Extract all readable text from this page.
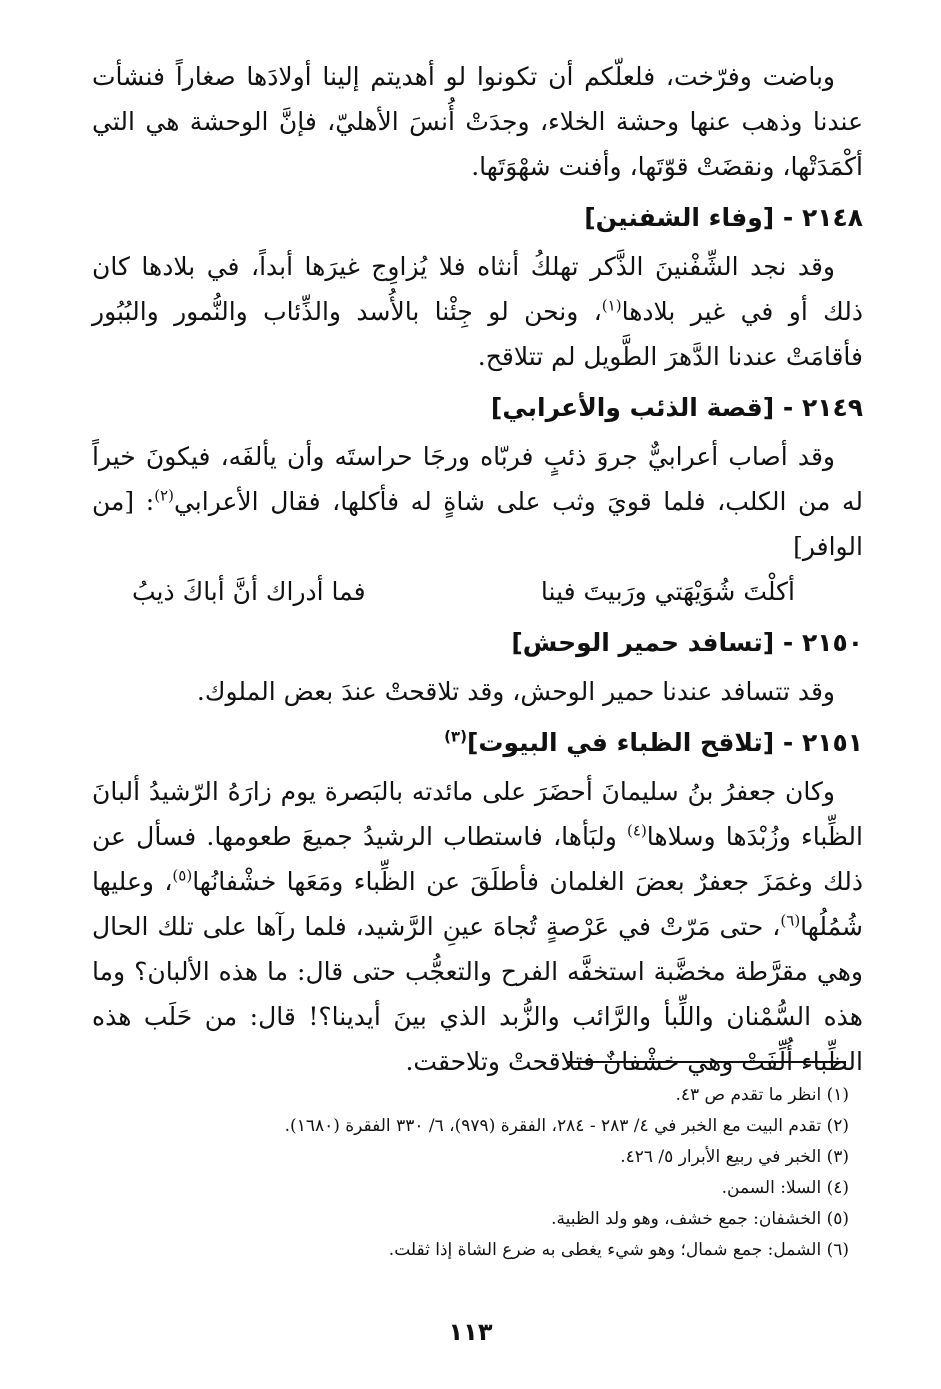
وباضت وفرّخت، فلعلّكم أن تكونوا لو أهديتم إلينا أولادَها صغاراً فنشأت عندنا وذهب عنها وحشة الخلاء، وجدَتْ أُنسَ الأهليّ، فإنَّ الوحشة هي التي أكْمَدَتْها، ونقضَتْ قوّتَها، وأفنت شهْوَتَها.

٢١٤٨ - [وفاء الشفنين]

وقد نجد الشِّفْنينَ الذَّكر تهلكُ أنثاه فلا يُزاوِج غيرَها أبداً، في بلادها كان ذلك أو في غير بلادها$^{(١)}$، ونحن لو جِئْنا بالأُسد والذِّئاب والنُّمور والبُبُور فأقامَتْ عندنا الدَّهرَ الطَّويل لم تتلاقح.

٢١٤٩ - [قصة الذئب والأعرابي]

وقد أصاب أعرابيٌّ جروَ ذئبٍ فربّاه ورجَا حراستَه وأن يألفَه، فيكونَ خيراً له من الكلب، فلما قويَ وثب على شاةٍ له فأكلها، فقال الأعرابي$^{(٢)}$: [من الوافر]

أكلْتَ شُوَيْهَتي ورَبيتَ فينا
فما أدراك أنَّ أباكَ ذيبُ
٢١٥٠ - [تسافد حمير الوحش]

وقد تتسافد عندنا حمير الوحش، وقد تلاقحتْ عندَ بعض الملوك.

٢١٥١ - [تلاقح الظباء في البيوت]$^{(٣)}$

وكان جعفرُ بنُ سليمانَ أحضَرَ على مائدته بالبَصرة يوم زارَهُ الرّشيدُ ألبانَ الظِّباء وزُبْدَها وسلاها$^{(٤)}$ ولبَأها، فاستطاب الرشيدُ جميعَ طعومها. فسأل عن ذلك وغمَزَ جعفرٌ بعضَ الغلمان فأطلَقَ عن الظِّباء ومَعَها خشْفانُها$^{(٥)}$، وعليها شُمُلُها$^{(٦)}$، حتى مَرّتْ في عَرْصةٍ تُجاهَ عينِ الرَّشيد، فلما رآها على تلك الحال وهي مقرَّطة مخضَّبة استخفَّه الفرح والتعجُّب حتى قال: ما هذه الألبان؟ وما هذه السُّمْنان واللِّبأ والرَّائب والزُّبد الذي بينَ أيدينا؟! قال: من حَلَب هذه الظِّباء أُلِّفَتْ وهي خشْفانٌ فتلاقحتْ وتلاحقت.

(١) انظر ما تقدم ص ٤٣.
(٢) تقدم البيت مع الخبر في ٤/ ٢٨٣ - ٢٨٤، الفقرة (٩٧٩)، ٦/ ٣٣٠ الفقرة (١٦٨٠).
(٣) الخبر في ربيع الأبرار ٥/ ٤٢٦.
(٤) السلا: السمن.
(٥) الخشفان: جمع خشف، وهو ولد الظبية.
(٦) الشمل: جمع شمال؛ وهو شيء يغطى به ضرع الشاة إذا ثقلت.
١١٣
